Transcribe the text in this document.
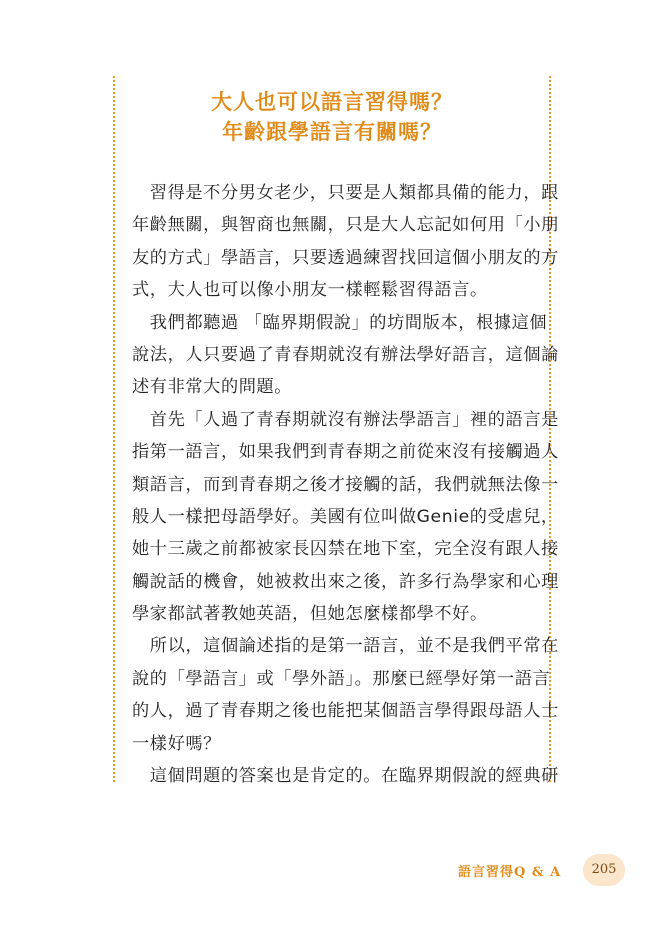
大人也可以語言習得嗎？
年齡跟學語言有關嗎？
　習得是不分男女老少，只要是人類都具備的能力，跟
年齡無關，與智商也無關，只是大人忘記如何用「小朋
友的方式」學語言，只要透過練習找回這個小朋友的方
式，大人也可以像小朋友一樣輕鬆習得語言。
　我們都聽過 「臨界期假說」的坊間版本，根據這個
說法，人只要過了青春期就沒有辦法學好語言，這個論
述有非常大的問題。
　首先「人過了青春期就沒有辦法學語言」裡的語言是
指第一語言，如果我們到青春期之前從來沒有接觸過人
類語言，而到青春期之後才接觸的話，我們就無法像一
般人一樣把母語學好。美國有位叫做Genie的受虐兒，
她十三歲之前都被家長囚禁在地下室，完全沒有跟人接
觸說話的機會，她被救出來之後，許多行為學家和心理
學家都試著教她英語，但她怎麼樣都學不好。
　所以，這個論述指的是第一語言，並不是我們平常在
說的「學語言」或「學外語」。那麼已經學好第一語言
的人，過了青春期之後也能把某個語言學得跟母語人士
一樣好嗎？
　這個問題的答案也是肯定的。在臨界期假說的經典研
語言習得Q & A	205
